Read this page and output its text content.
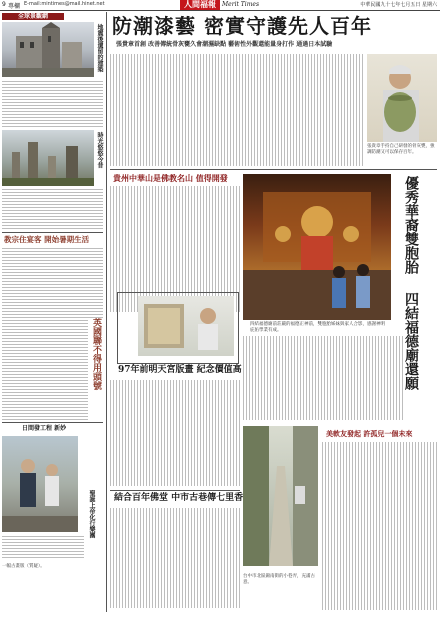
9 專欄 E-mail:mintimes@mail.hinet.net	人間福報	Merit Times	中華民國九十七年七月五日 星期六
全球景觀網
地震後遺留的建築
時光悠悠今昔
教宗住宴客 開始暑期生活
英國聯不得用頭號
日間發工程 新妙
聖誕上帝化行樂團
一幅古畫版（質疑）。
防潮漆藝 密實守護先人百年
張貴章首創 改善傳統骨灰甕久會潮濕缺點 藝術性外觀還能量身打作 通過日本試驗
張貴章手持自己研發的骨灰甕，強調防潮又可以保存百年。
貴州中華山是佛教名山 值得開發
四結福德廟前莊嚴的福德正神前，雙胞胎姊妹與家人合影，感謝神明庇佑學業有成。
優秀華裔雙胞胎
四結福德廟還願
97年前明天宮版畫 紀念價值高
結合百年佛堂 中市古巷傳七里香
台中市北區錦南街的小巷弄，充滿古意。
美軟友發起 許孤兒一個未來
